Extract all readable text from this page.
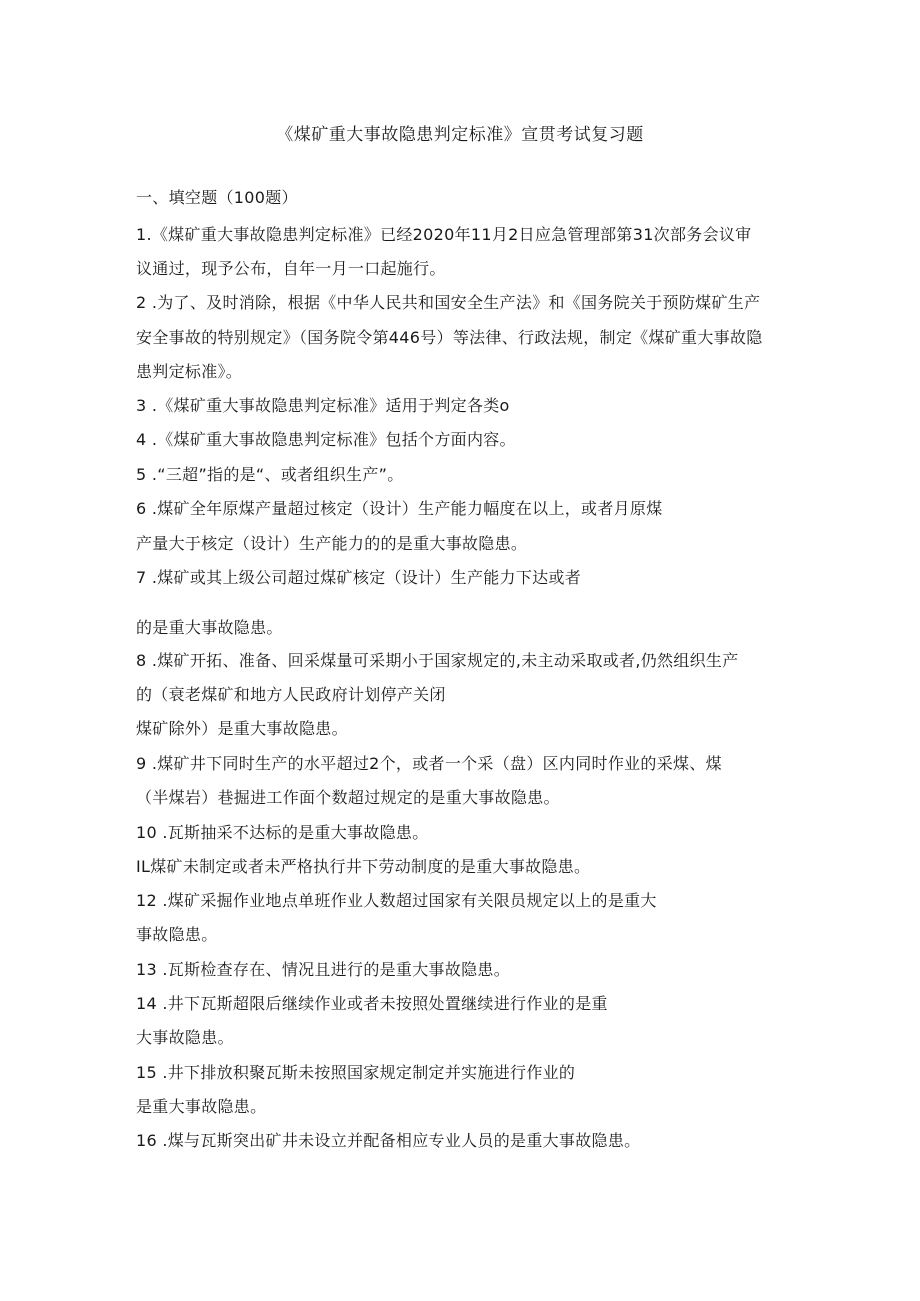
《煤矿重大事故隐患判定标准》宣贯考试复习题
一、填空题（100题）
1.《煤矿重大事故隐患判定标准》已经2020年11月2日应急管理部第31次部务会议审
议通过，现予公布，自年一月一口起施行。
2 .为了、及时消除，根据《中华人民共和国安全生产法》和《国务院关于预防煤矿生产
安全事故的特别规定》（国务院令第446号）等法律、行政法规，制定《煤矿重大事故隐
患判定标准》。
3 .《煤矿重大事故隐患判定标准》适用于判定各类o
4 .《煤矿重大事故隐患判定标准》包括个方面内容。
5 .“三超”指的是“、或者组织生产”。
6 .煤矿全年原煤产量超过核定（设计）生产能力幅度在以上，或者月原煤
产量大于核定（设计）生产能力的的是重大事故隐患。
7 .煤矿或其上级公司超过煤矿核定（设计）生产能力下达或者
的是重大事故隐患。
8 .煤矿开拓、准备、回采煤量可采期小于国家规定的,未主动采取或者,仍然组织生产
的（衰老煤矿和地方人民政府计划停产关闭
煤矿除外）是重大事故隐患。
9 .煤矿井下同时生产的水平超过2个，或者一个采（盘）区内同时作业的采煤、煤
（半煤岩）巷掘进工作面个数超过规定的是重大事故隐患。
10 .瓦斯抽采不达标的是重大事故隐患。
IL煤矿未制定或者未严格执行井下劳动制度的是重大事故隐患。
12 .煤矿采掘作业地点单班作业人数超过国家有关限员规定以上的是重大
事故隐患。
13 .瓦斯检查存在、情况且进行的是重大事故隐患。
14 .井下瓦斯超限后继续作业或者未按照处置继续进行作业的是重
大事故隐患。
15 .井下排放积聚瓦斯未按照国家规定制定并实施进行作业的
是重大事故隐患。
16 .煤与瓦斯突出矿井未设立并配备相应专业人员的是重大事故隐患。
